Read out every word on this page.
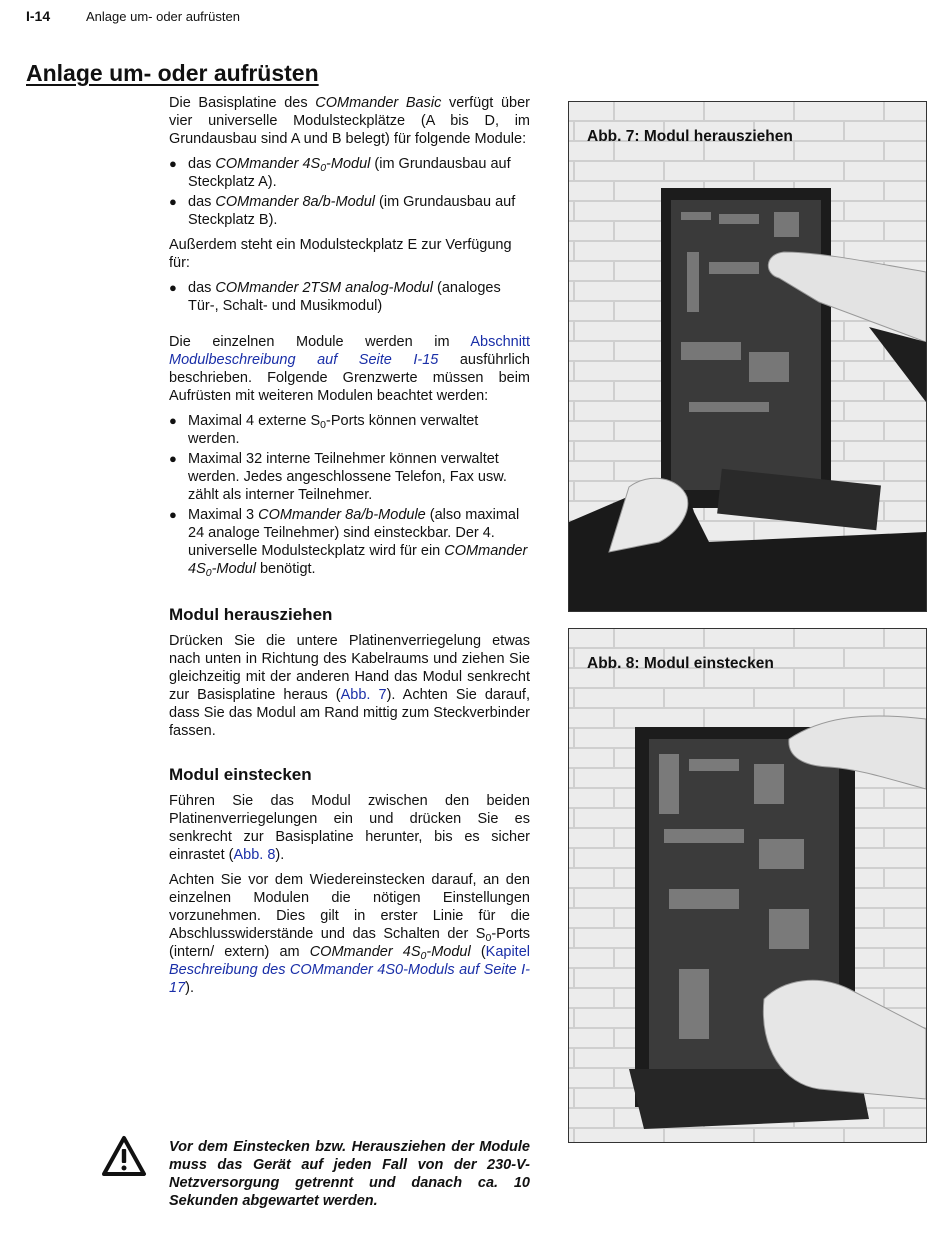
I-14	Anlage um- oder aufrüsten
Anlage um- oder aufrüsten

Die Basisplatine des COMmander Basic verfügt über vier universelle Modulsteckplätze (A bis D, im Grundausbau sind A und B belegt) für folgende Module:

● das COMmander $4S_0$-Modul (im Grundausbau auf Steckplatz A).
● das COMmander 8a/b-Modul (im Grundausbau auf Steckplatz B).

Außerdem steht ein Modulsteckplatz E zur Verfügung für:

● das COMmander 2TSM analog-Modul (analoges Tür-, Schalt- und Musikmodul)

Die einzelnen Module werden im Abschnitt Modulbeschreibung auf Seite I-15 ausführlich beschrieben. Folgende Grenzwerte müssen beim Aufrüsten mit weiteren Modulen beachtet werden:

● Maximal 4 externe $S_0$-Ports können verwaltet werden.
● Maximal 32 interne Teilnehmer können verwaltet werden. Jedes angeschlossene Telefon, Fax usw. zählt als interner Teilnehmer.
● Maximal 3 COMmander 8a/b-Module (also maximal 24 analoge Teilnehmer) sind einsteckbar. Der 4. universelle Modulsteckplatz wird für ein COMmander $4S_0$-Modul benötigt.
Modul herausziehen

Drücken Sie die untere Platinenverriegelung etwas nach unten in Richtung des Kabelraums und ziehen Sie gleichzeitig mit der anderen Hand das Modul senkrecht zur Basisplatine heraus (Abb. 7). Achten Sie darauf, dass Sie das Modul am Rand mittig zum Steckverbinder fassen.

Modul einstecken

Führen Sie das Modul zwischen den beiden Platinenverriegelungen ein und drücken Sie es senkrecht zur Basisplatine herunter, bis es sicher einrastet (Abb. 8).

Achten Sie vor dem Wiedereinstecken darauf, an den einzelnen Modulen die nötigen Einstellungen vorzunehmen. Dies gilt in erster Linie für die Abschlusswiderstände und das Schalten der $S_0$-Ports (intern/ extern) am COMmander $4S_0$-Modul (Kapitel Beschreibung des COMmander 4S0-Moduls auf Seite I-17).

Abb. 7: Modul herausziehen
Abb. 8: Modul einstecken
Vor dem Einstecken bzw. Herausziehen der Module muss das Gerät auf jeden Fall von der 230-V-Netzversorgung getrennt und danach ca. 10 Sekunden abgewartet werden.
